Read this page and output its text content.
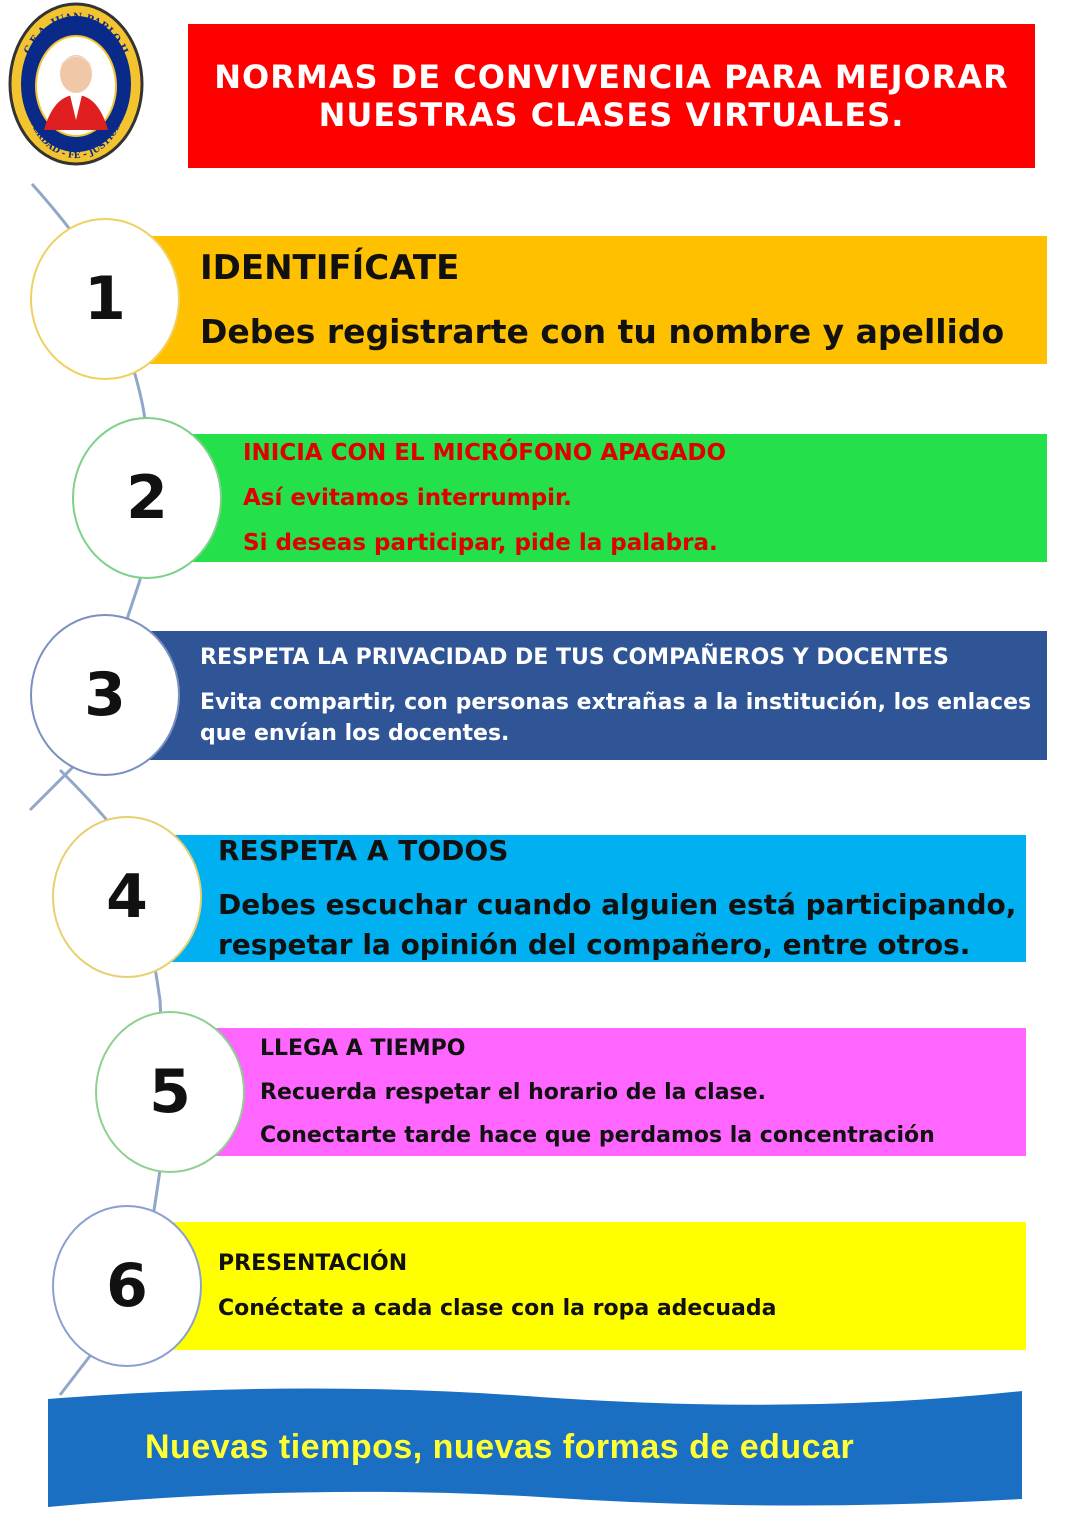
C.E.A. JUAN PABLO II
VERDAD - FE - JUSTICIA
NORMAS DE CONVIVENCIA PARA MEJORAR
NUESTRAS CLASES VIRTUALES.
1	IDENTIFÍCATE
Debes registrarte con tu nombre y apellido
2
INICIA CON EL MICRÓFONO APAGADO
Así evitamos interrumpir.
Si deseas participar, pide la palabra.
3
RESPETA LA PRIVACIDAD DE TUS COMPAÑEROS Y DOCENTES
Evita compartir, con personas extrañas a la institución, los enlaces
que envían los docentes.
4
RESPETA A TODOS
Debes escuchar cuando alguien está participando,
respetar la opinión del compañero, entre otros.
5
LLEGA A TIEMPO
Recuerda respetar el horario de la clase.
Conectarte tarde hace que perdamos la concentración
6	PRESENTACIÓN
Conéctate a cada clase con la ropa adecuada
Nuevas tiempos, nuevas formas de educar
